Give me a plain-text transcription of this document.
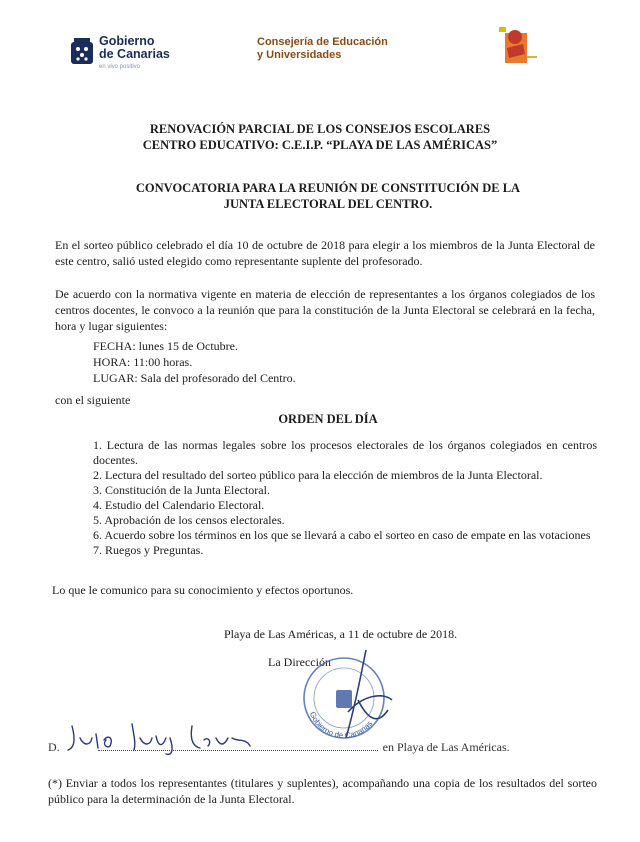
Gobierno
de Canarias

en vivo positivo

Consejería de Educación
y Universidades

RENOVACIÓN PARCIAL DE LOS CONSEJOS ESCOLARES
CENTRO EDUCATIVO: C.E.I.P. “PLAYA DE LAS AMÉRICAS”
CONVOCATORIA PARA LA REUNIÓN DE CONSTITUCIÓN DE LA
JUNTA ELECTORAL DEL CENTRO.

En el sorteo público celebrado el día 10 de octubre de 2018 para elegir a los miembros de la Junta Electoral de este centro, salió usted elegido como representante suplente del profesorado.

De acuerdo con la normativa vigente en materia de elección de representantes a los órganos colegiados de los centros docentes, le convoco a la reunión que para la constitución de la Junta Electoral se celebrará en la fecha, hora y lugar siguientes:

FECHA: lunes 15 de Octubre.
HORA: 11:00 horas.
LUGAR: Sala del profesorado del Centro.
con el siguiente
ORDEN DEL DÍA
1. Lectura de las normas legales sobre los procesos electorales de los órganos colegiados en centros docentes.
2. Lectura del resultado del sorteo público para la elección de miembros de la Junta Electoral.
3. Constitución de la Junta Electoral.
4. Estudio del Calendario Electoral.
5. Aprobación de los censos electorales.
6. Acuerdo sobre los términos en los que se llevará a cabo el sorteo en caso de empate en las votaciones
7. Ruegos y Preguntas.
Lo que le comunico para su conocimiento y efectos oportunos.
Playa de Las Américas, a 11 de octubre de 2018.
La Dirección
Gobierno de Canarias
D.	en Playa de Las Américas.

(*) Enviar a todos los representantes (titulares y suplentes), acompañando una copia de los resultados del sorteo público para la determinación de la Junta Electoral.
